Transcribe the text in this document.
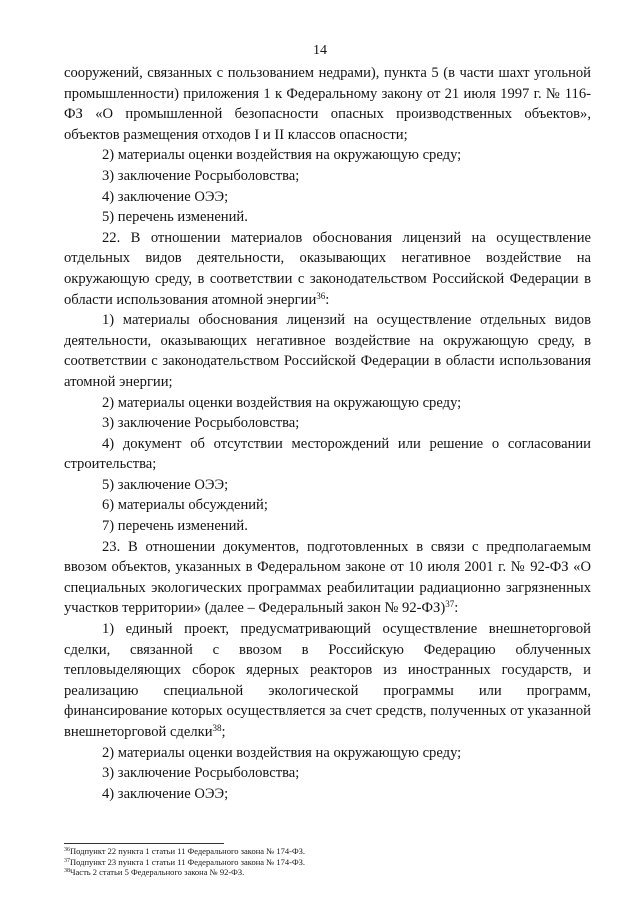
14

сооружений, связанных с пользованием недрами), пункта 5 (в части шахт угольной промышленности) приложения 1 к Федеральному закону от 21 июля 1997 г. № 116-ФЗ «О промышленной безопасности опасных производственных объектов», объектов размещения отходов I и II классов опасности;

2) материалы оценки воздействия на окружающую среду;

3) заключение Росрыболовства;

4) заключение ОЭЭ;

5) перечень изменений.

22. В отношении материалов обоснования лицензий на осуществление отдельных видов деятельности, оказывающих негативное воздействие на окружающую среду, в соответствии с законодательством Российской Федерации в области использования атомной энергии$^{36}$:

1) материалы обоснования лицензий на осуществление отдельных видов деятельности, оказывающих негативное воздействие на окружающую среду, в соответствии с законодательством Российской Федерации в области использования атомной энергии;

2) материалы оценки воздействия на окружающую среду;

3) заключение Росрыболовства;

4) документ об отсутствии месторождений или решение о согласовании строительства;

5) заключение ОЭЭ;

6) материалы обсуждений;

7) перечень изменений.

23. В отношении документов, подготовленных в связи с предполагаемым ввозом объектов, указанных в Федеральном законе от 10 июля 2001 г. № 92-ФЗ «О специальных экологических программах реабилитации радиационно загрязненных участков территории» (далее – Федеральный закон № 92-ФЗ)$^{37}$:

1) единый проект, предусматривающий осуществление внешнеторговой сделки, связанной с ввозом в Российскую Федерацию облученных тепловыделяющих сборок ядерных реакторов из иностранных государств, и реализацию специальной экологической программы или программ, финансирование которых осуществляется за счет средств, полученных от указанной внешнеторговой сделки$^{38}$;

2) материалы оценки воздействия на окружающую среду;

3) заключение Росрыболовства;

4) заключение ОЭЭ;

$^{36}$Подпункт 22 пункта 1 статьи 11 Федерального закона № 174-ФЗ.
$^{37}$Подпункт 23 пункта 1 статьи 11 Федерального закона № 174-ФЗ.
$^{38}$Часть 2 статьи 5 Федерального закона № 92-ФЗ.
